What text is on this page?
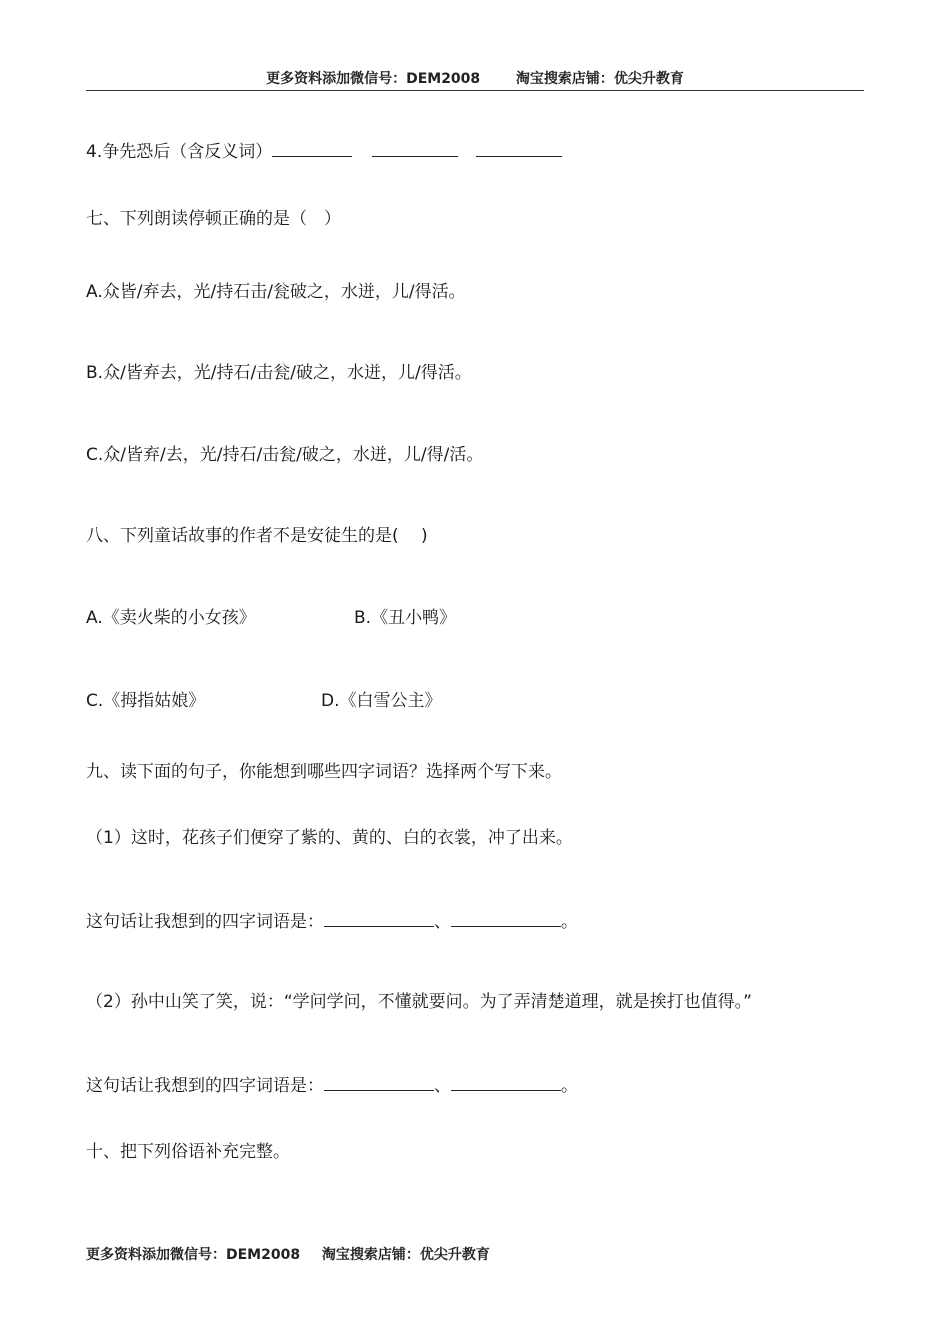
更多资料添加微信号：DEM2008	淘宝搜索店铺：优尖升教育
4.争先恐后（含反义词）
七、下列朗读停顿正确的是（　）
A.众皆/弃去，光/持石击/瓮破之，水迸，儿/得活。
B.众/皆弃去，光/持石/击瓮/破之，水迸，儿/得活。
C.众/皆弃/去，光/持石/击瓮/破之，水迸，儿/得/活。
八、下列童话故事的作者不是安徒生的是(　 )
A.《卖火柴的小女孩》	B.《丑小鸭》
C.《拇指姑娘》	D.《白雪公主》
九、读下面的句子，你能想到哪些四字词语？选择两个写下来。
（1）这时，花孩子们便穿了紫的、黄的、白的衣裳，冲了出来。
这句话让我想到的四字词语是：	、	。
（2）孙中山笑了笑，说：“学问学问，不懂就要问。为了弄清楚道理，就是挨打也值得。”
这句话让我想到的四字词语是：	、	。
十、把下列俗语补充完整。
更多资料添加微信号：DEM2008 淘宝搜索店铺：优尖升教育
